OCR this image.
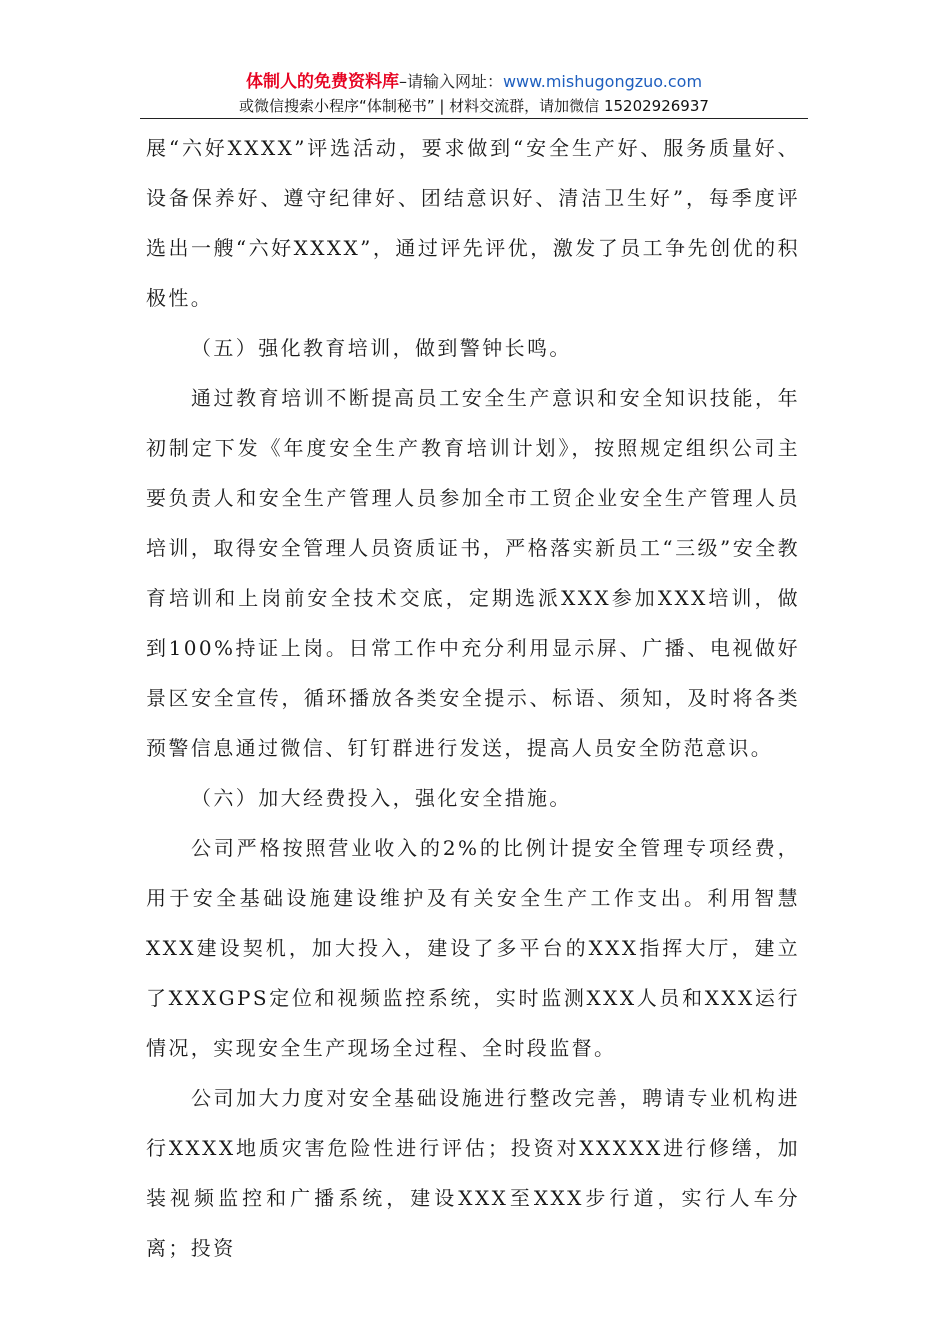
体制人的免费资料库–请输入网址：www.mishugongzuo.com
或微信搜索小程序“体制秘书” | 材料交流群，请加微信 15202926937

展“六好XXXX”评选活动，要求做到“安全生产好、服务质量好、设备保养好、遵守纪律好、团结意识好、清洁卫生好”，每季度评选出一艘“六好XXXX”，通过评先评优，激发了员工争先创优的积极性。

（五）强化教育培训，做到警钟长鸣。

通过教育培训不断提高员工安全生产意识和安全知识技能，年初制定下发《年度安全生产教育培训计划》，按照规定组织公司主要负责人和安全生产管理人员参加全市工贸企业安全生产管理人员培训，取得安全管理人员资质证书，严格落实新员工“三级”安全教育培训和上岗前安全技术交底，定期选派XXX参加XXX培训，做到100%持证上岗。日常工作中充分利用显示屏、广播、电视做好景区安全宣传，循环播放各类安全提示、标语、须知，及时将各类预警信息通过微信、钉钉群进行发送，提高人员安全防范意识。

（六）加大经费投入，强化安全措施。

公司严格按照营业收入的2%的比例计提安全管理专项经费，用于安全基础设施建设维护及有关安全生产工作支出。利用智慧XXX建设契机，加大投入，建设了多平台的XXX指挥大厅，建立了XXXGPS定位和视频监控系统，实时监测XXX人员和XXX运行情况，实现安全生产现场全过程、全时段监督。

公司加大力度对安全基础设施进行整改完善，聘请专业机构进行XXXX地质灾害危险性进行评估；投资对XXXXX进行修缮，加装视频监控和广播系统，建设XXX至XXX步行道，实行人车分离；投资
